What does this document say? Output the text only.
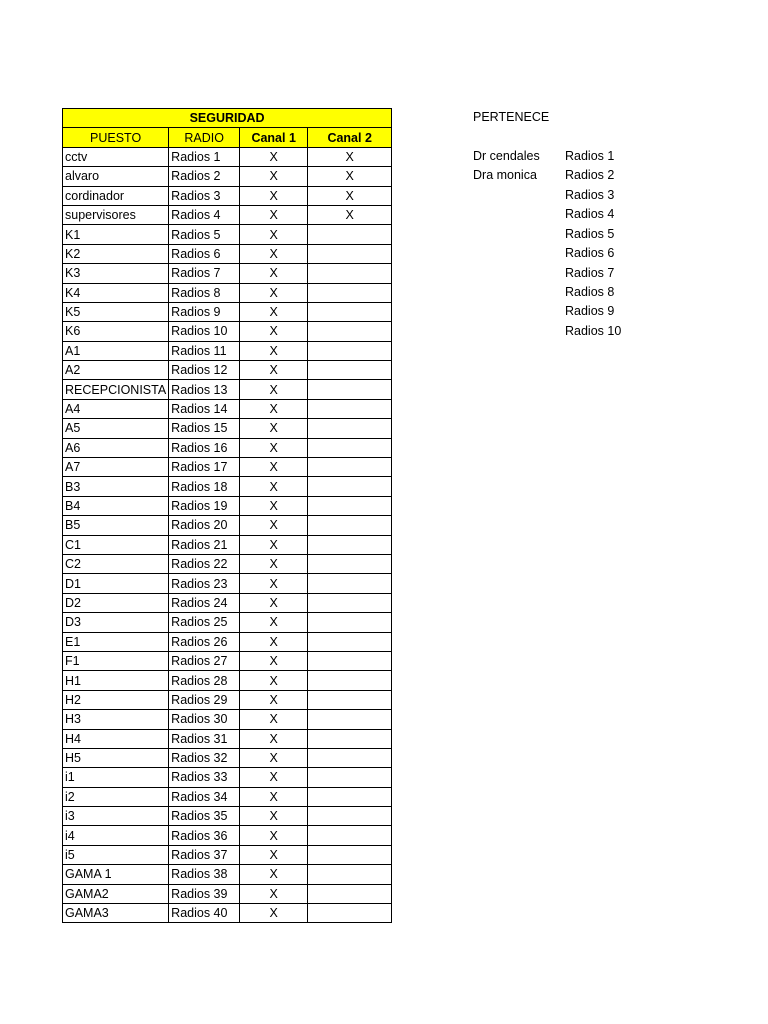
SEGURIDAD			
PUESTO	RADIO	Canal 1	Canal 2
cctv	Radios 1	X	X
alvaro	Radios 2	X	X
cordinador	Radios 3	X	X
supervisores	Radios 4	X	X
K1	Radios 5	X	
K2	Radios 6	X	
K3	Radios 7	X	
K4	Radios 8	X	
K5	Radios 9	X	
K6	Radios 10	X	
A1	Radios 11	X	
A2	Radios 12	X	
RECEPCIONISTA	Radios 13	X	
A4	Radios 14	X	
A5	Radios 15	X	
A6	Radios 16	X	
A7	Radios 17	X	
B3	Radios 18	X	
B4	Radios 19	X	
B5	Radios 20	X	
C1	Radios 21	X	
C2	Radios 22	X	
D1	Radios 23	X	
D2	Radios 24	X	
D3	Radios 25	X	
E1	Radios 26	X	
F1	Radios 27	X	
H1	Radios 28	X	
H2	Radios 29	X	
H3	Radios 30	X	
H4	Radios 31	X	
H5	Radios 32	X	
i1	Radios 33	X	
i2	Radios 34	X	
i3	Radios 35	X	
i4	Radios 36	X	
i5	Radios 37	X	
GAMA 1	Radios 38	X	
GAMA2	Radios 39	X	
GAMA3	Radios 40	X	
PERTENECE
Dr cendales Radios 1
Dra monica Radios 2
Radios 3
Radios 4
Radios 5
Radios 6
Radios 7
Radios 8
Radios 9
Radios 10
